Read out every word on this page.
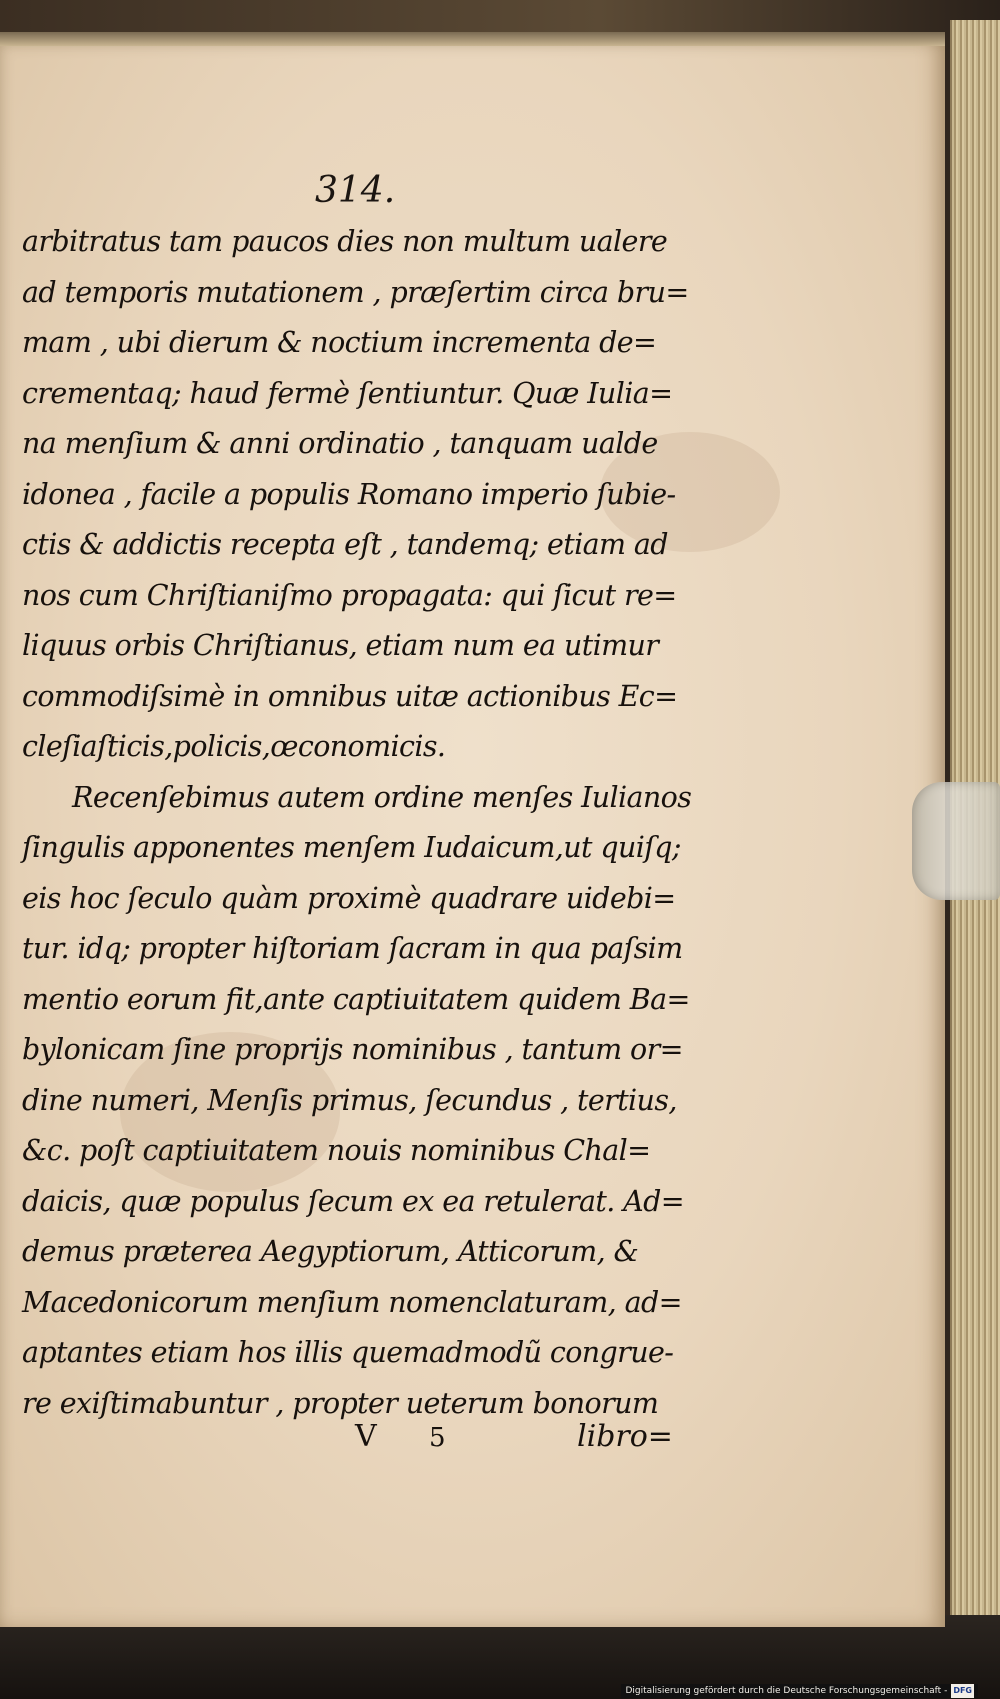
314.
arbitratus tam paucos dies non multum ualere
ad temporis mutationem , præſertim circa bru=
mam , ubi dierum & noctium incrementa de=
crementaq; haud fermè ſentiuntur. Quæ Iulia=
na menſium & anni ordinatio , tanquam ualde
idonea , facile a populis Romano imperio ſubie-
ctis & addictis recepta eſt , tandemq; etiam ad
nos cum Chriſtianiſmo propagata: qui ſicut re=
liquus orbis Chriſtianus, etiam num ea utimur
commodiſsimè in omnibus uitæ actionibus Ec=
cleſiaſticis,policis,œconomicis.
Recenſebimus autem ordine menſes Iulianos
ſingulis apponentes menſem Iudaicum,ut quiſq;
eis hoc ſeculo quàm proximè quadrare uidebi=
tur. idq; propter hiſtoriam ſacram in qua paſsim
mentio eorum fit,ante captiuitatem quidem Ba=
bylonicam ſine proprijs nominibus , tantum or=
dine numeri, Menſis primus, ſecundus , tertius,
&c. poſt captiuitatem nouis nominibus Chal=
daicis, quæ populus ſecum ex ea retulerat. Ad=
demus præterea Aegyptiorum, Atticorum, &
Macedonicorum menſium nomenclaturam, ad=
aptantes etiam hos illis quemadmodũ congrue-
re exiſtimabuntur , propter ueterum bonorum
V 5	libro=
Digitalisierung gefördert durch die Deutsche Forschungsgemeinschaft - DFG
